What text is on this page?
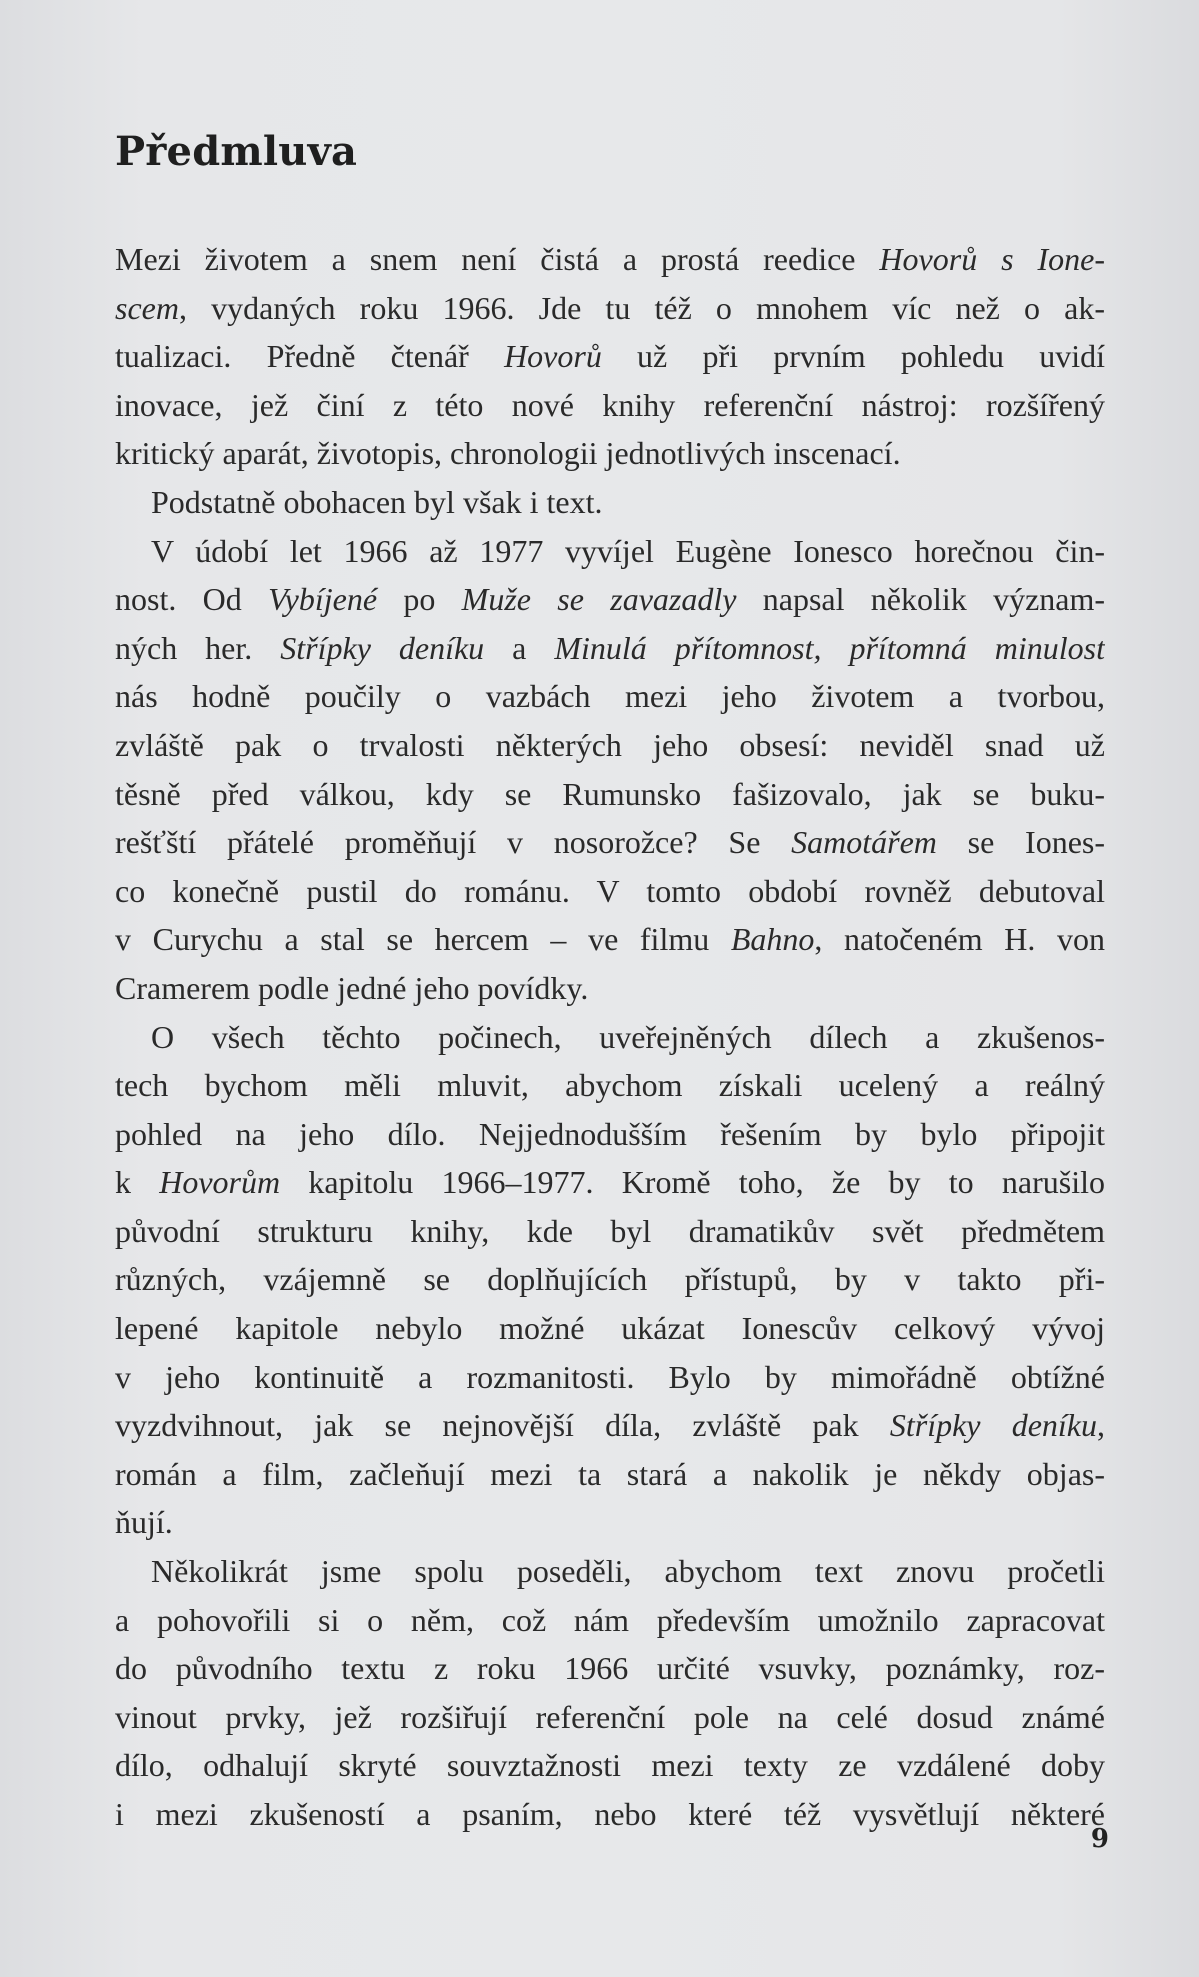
Předmluva
Mezi životem a snem není čistá a prostá reedice Hovorů s Ione-
scem, vydaných roku 1966. Jde tu též o mnohem víc než o ak-
tualizaci. Předně čtenář Hovorů už při prvním pohledu uvidí
inovace, jež činí z této nové knihy referenční nástroj: rozšířený
kritický aparát, životopis, chronologii jednotlivých inscenací.
Podstatně obohacen byl však i text.
V údobí let 1966 až 1977 vyvíjel Eugène Ionesco horečnou čin-
nost. Od Vybíjené po Muže se zavazadly napsal několik význam-
ných her. Střípky deníku a Minulá přítomnost, přítomná minulost
nás hodně poučily o vazbách mezi jeho životem a tvorbou,
zvláště pak o trvalosti některých jeho obsesí: neviděl snad už
těsně před válkou, kdy se Rumunsko fašizovalo, jak se buku-
rešťští přátelé proměňují v nosorožce? Se Samotářem se Iones-
co konečně pustil do románu. V tomto období rovněž debutoval
v Curychu a stal se hercem – ve filmu Bahno, natočeném H. von
Cramerem podle jedné jeho povídky.
O všech těchto počinech, uveřejněných dílech a zkušenos-
tech bychom měli mluvit, abychom získali ucelený a reálný
pohled na jeho dílo. Nejjednodušším řešením by bylo připojit
k Hovorům kapitolu 1966–1977. Kromě toho, že by to narušilo
původní strukturu knihy, kde byl dramatikův svět předmětem
různých, vzájemně se doplňujících přístupů, by v takto při-
lepené kapitole nebylo možné ukázat Ionescův celkový vývoj
v jeho kontinuitě a rozmanitosti. Bylo by mimořádně obtížné
vyzdvihnout, jak se nejnovější díla, zvláště pak Střípky deníku,
román a film, začleňují mezi ta stará a nakolik je někdy objas-
ňují.
Několikrát jsme spolu poseděli, abychom text znovu pročetli
a pohovořili si o něm, což nám především umožnilo zapracovat
do původního textu z roku 1966 určité vsuvky, poznámky, roz-
vinout prvky, jež rozšiřují referenční pole na celé dosud známé
dílo, odhalují skryté souvztažnosti mezi texty ze vzdálené doby
i mezi zkušeností a psaním, nebo které též vysvětlují některé
9
